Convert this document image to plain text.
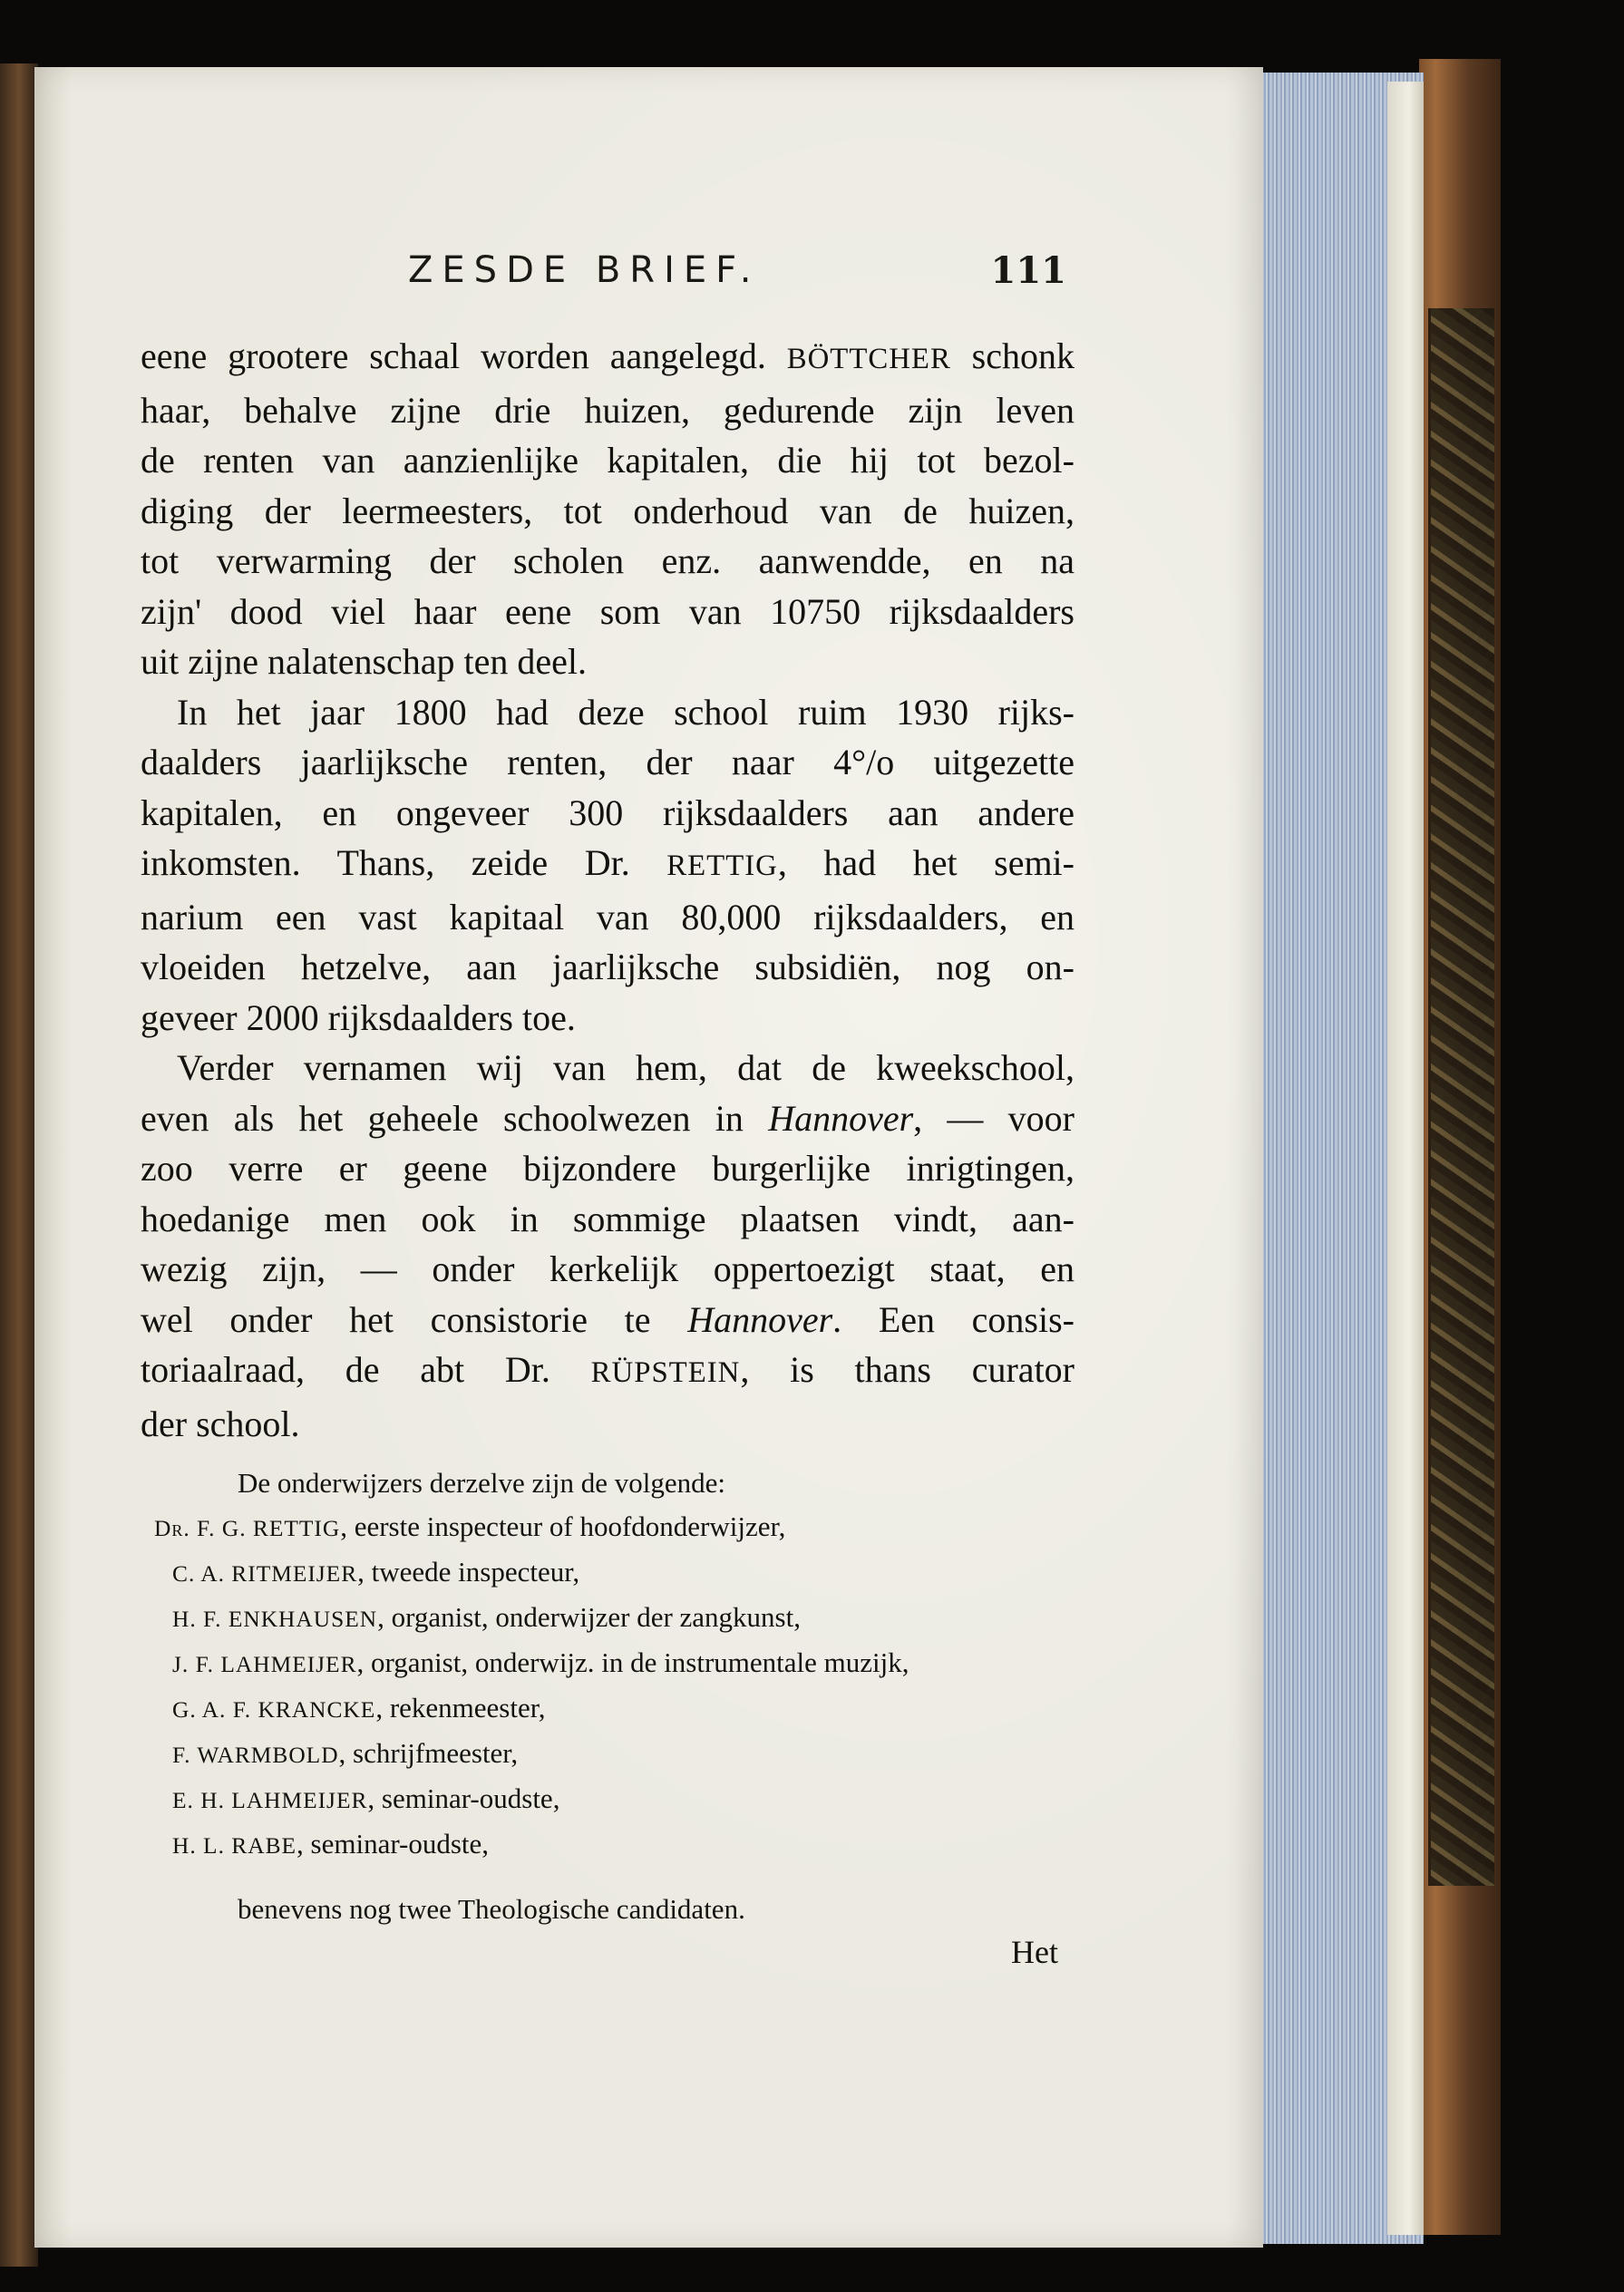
ZESDE BRIEF.	111
eene grootere schaal worden aangelegd. BÖTTCHER schonk
haar, behalve zijne drie huizen, gedurende zijn leven
de renten van aanzienlijke kapitalen, die hij tot bezol-
diging der leermeesters, tot onderhoud van de huizen,
tot verwarming der scholen enz. aanwendde, en na
zijn' dood viel haar eene som van 10750 rijksdaalders
uit zijne nalatenschap ten deel.
In het jaar 1800 had deze school ruim 1930 rijks-
daalders jaarlijksche renten, der naar 4°/o uitgezette
kapitalen, en ongeveer 300 rijksdaalders aan andere
inkomsten. Thans, zeide Dr. RETTIG, had het semi-
narium een vast kapitaal van 80,000 rijksdaalders, en
vloeiden hetzelve, aan jaarlijksche subsidiën, nog on-
geveer 2000 rijksdaalders toe.
Verder vernamen wij van hem, dat de kweekschool,
even als het geheele schoolwezen in Hannover, — voor
zoo verre er geene bijzondere burgerlijke inrigtingen,
hoedanige men ook in sommige plaatsen vindt, aan-
wezig zijn, — onder kerkelijk oppertoezigt staat, en
wel onder het consistorie te Hannover. Een consis-
toriaalraad, de abt Dr. RÜPSTEIN, is thans curator
der school.
De onderwijzers derzelve zijn de volgende:
Dr. F. G. RETTIG, eerste inspecteur of hoofdonderwijzer,
C. A. RITMEIJER, tweede inspecteur,
H. F. ENKHAUSEN, organist, onderwijzer der zangkunst,
J. F. LAHMEIJER, organist, onderwijz. in de instrumentale muzijk,
G. A. F. KRANCKE, rekenmeester,
F. WARMBOLD, schrijfmeester,
E. H. LAHMEIJER, seminar-oudste,
H. L. RABE, seminar-oudste,
benevens nog twee Theologische candidaten.
Het
